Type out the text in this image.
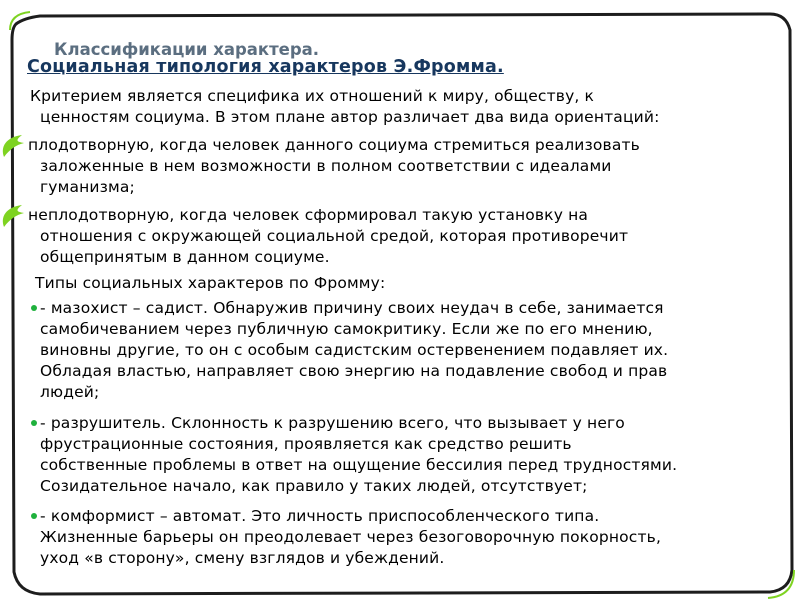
Классификации характера.
Социальная типология характеров Э.Фромма.
Критерием является специфика их отношений к миру, обществу, к
ценностям социума. В этом плане автор различает два вида ориентаций:
плодотворную, когда человек данного социума стремиться реализовать
заложенные в нем возможности в полном соответствии с идеалами
гуманизма;
неплодотворную, когда человек сформировал такую установку на
отношения с окружающей социальной средой, которая противоречит
общепринятым в данном социуме.
Типы социальных характеров по Фромму:
- мазохист – садист. Обнаружив причину своих неудач в себе, занимается
самобичеванием через публичную самокритику. Если же по его мнению,
виновны другие, то он с особым садистским остервенением подавляет их.
Обладая властью, направляет свою энергию на подавление свобод и прав
людей;
- разрушитель. Склонность к разрушению всего, что вызывает у него
фрустрационные состояния, проявляется как средство решить
собственные проблемы в ответ на ощущение бессилия перед трудностями.
Созидательное начало, как правило у таких людей, отсутствует;
- комформист – автомат. Это личность приспособленческого типа.
Жизненные барьеры он преодолевает через безоговорочную покорность,
уход «в сторону», смену взглядов и убеждений.
